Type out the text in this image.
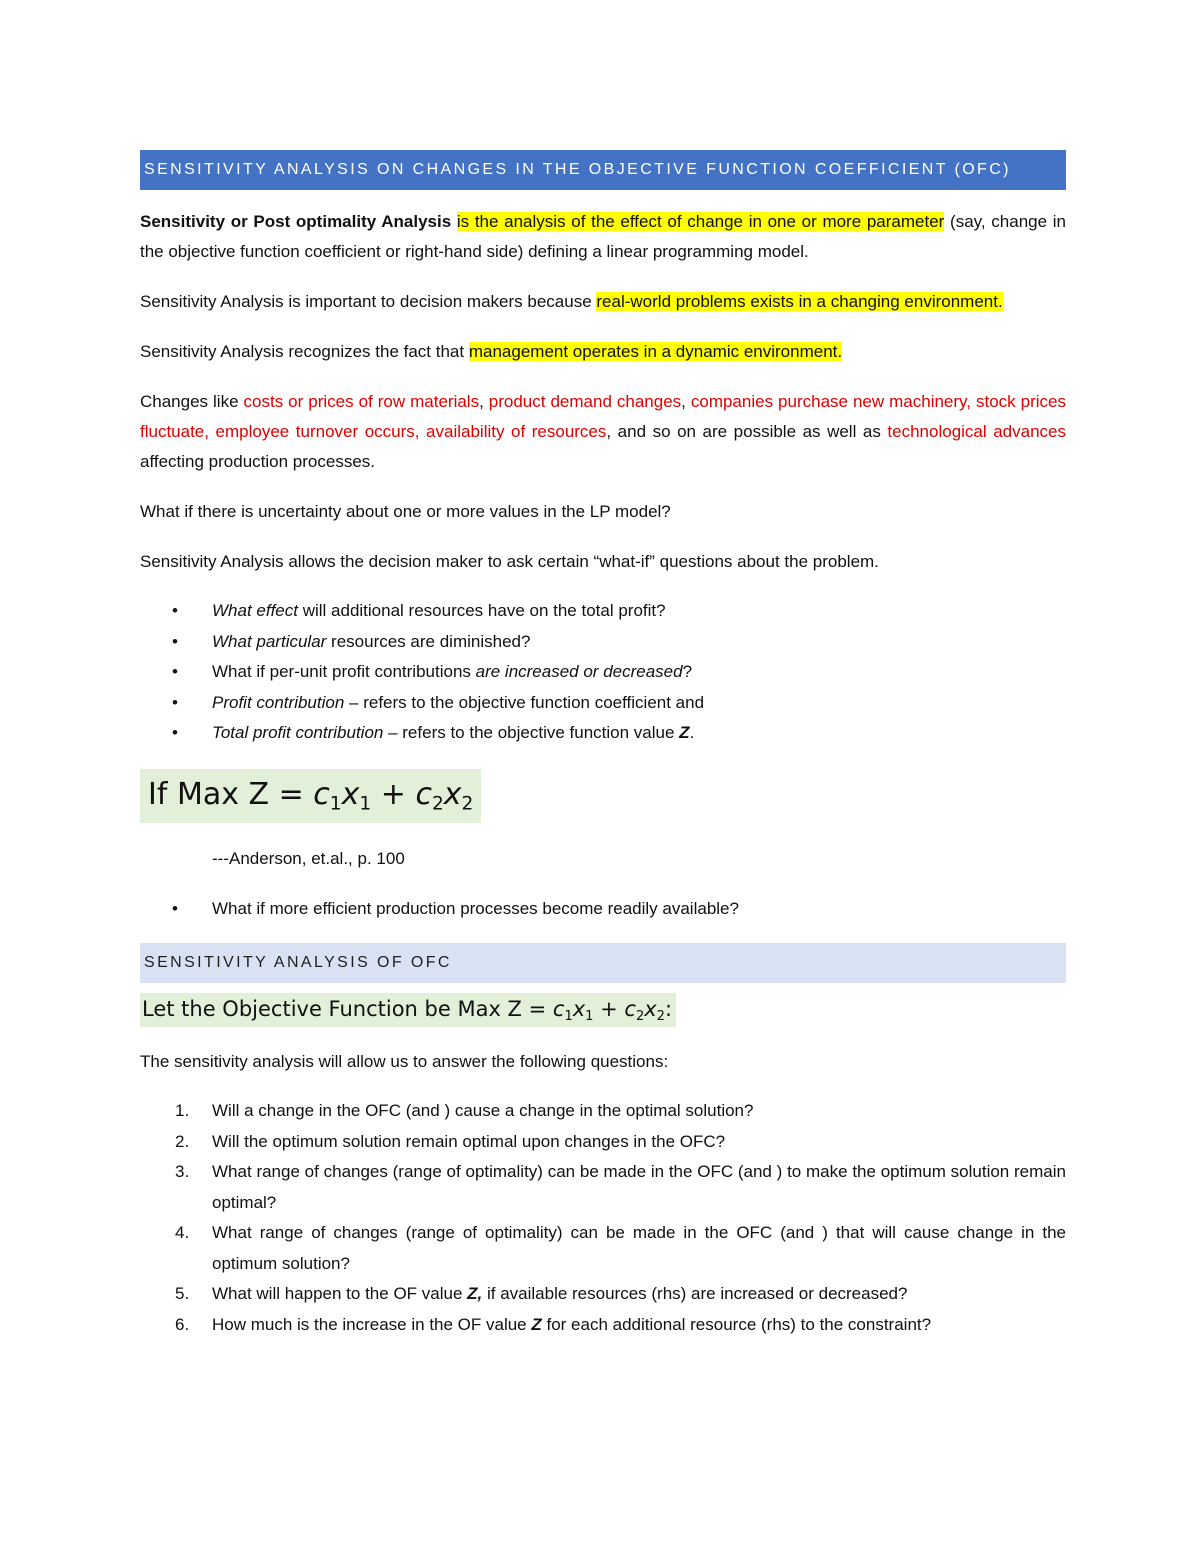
SENSITIVITY ANALYSIS ON CHANGES IN THE OBJECTIVE FUNCTION COEFFICIENT (OFC)

Sensitivity or Post optimality Analysis is the analysis of the effect of change in one or more parameter (say, change in the objective function coefficient or right-hand side) defining a linear programming model.

Sensitivity Analysis is important to decision makers because real-world problems exists in a changing environment.

Sensitivity Analysis recognizes the fact that management operates in a dynamic environment.

Changes like costs or prices of row materials, product demand changes, companies purchase new machinery, stock prices fluctuate, employee turnover occurs, availability of resources, and so on are possible as well as technological advances affecting production processes.

What if there is uncertainty about one or more values in the LP model?

Sensitivity Analysis allows the decision maker to ask certain “what-if” questions about the problem.

• What effect will additional resources have on the total profit?
• What particular resources are diminished?
• What if per-unit profit contributions are increased or decreased?
• Profit contribution – refers to the objective function coefficient and
• Total profit contribution – refers to the objective function value Z.
If Max $Z = c_1x_1 + c_2x_2$

---Anderson, et.al., p. 100

• What if more efficient production processes become readily available?
SENSITIVITY ANALYSIS OF OFC
Let the Objective Function be Max $Z = c_1x_1 + c_2x_2$:

The sensitivity analysis will allow us to answer the following questions:

1. Will a change in the OFC (and ) cause a change in the optimal solution?
2. Will the optimum solution remain optimal upon changes in the OFC?
3. What range of changes (range of optimality) can be made in the OFC (and ) to make the optimum solution remain optimal?
4. What range of changes (range of optimality) can be made in the OFC (and ) that will cause change in the optimum solution?
5. What will happen to the OF value Z, if available resources (rhs) are increased or decreased?
6. How much is the increase in the OF value Z for each additional resource (rhs) to the constraint?
